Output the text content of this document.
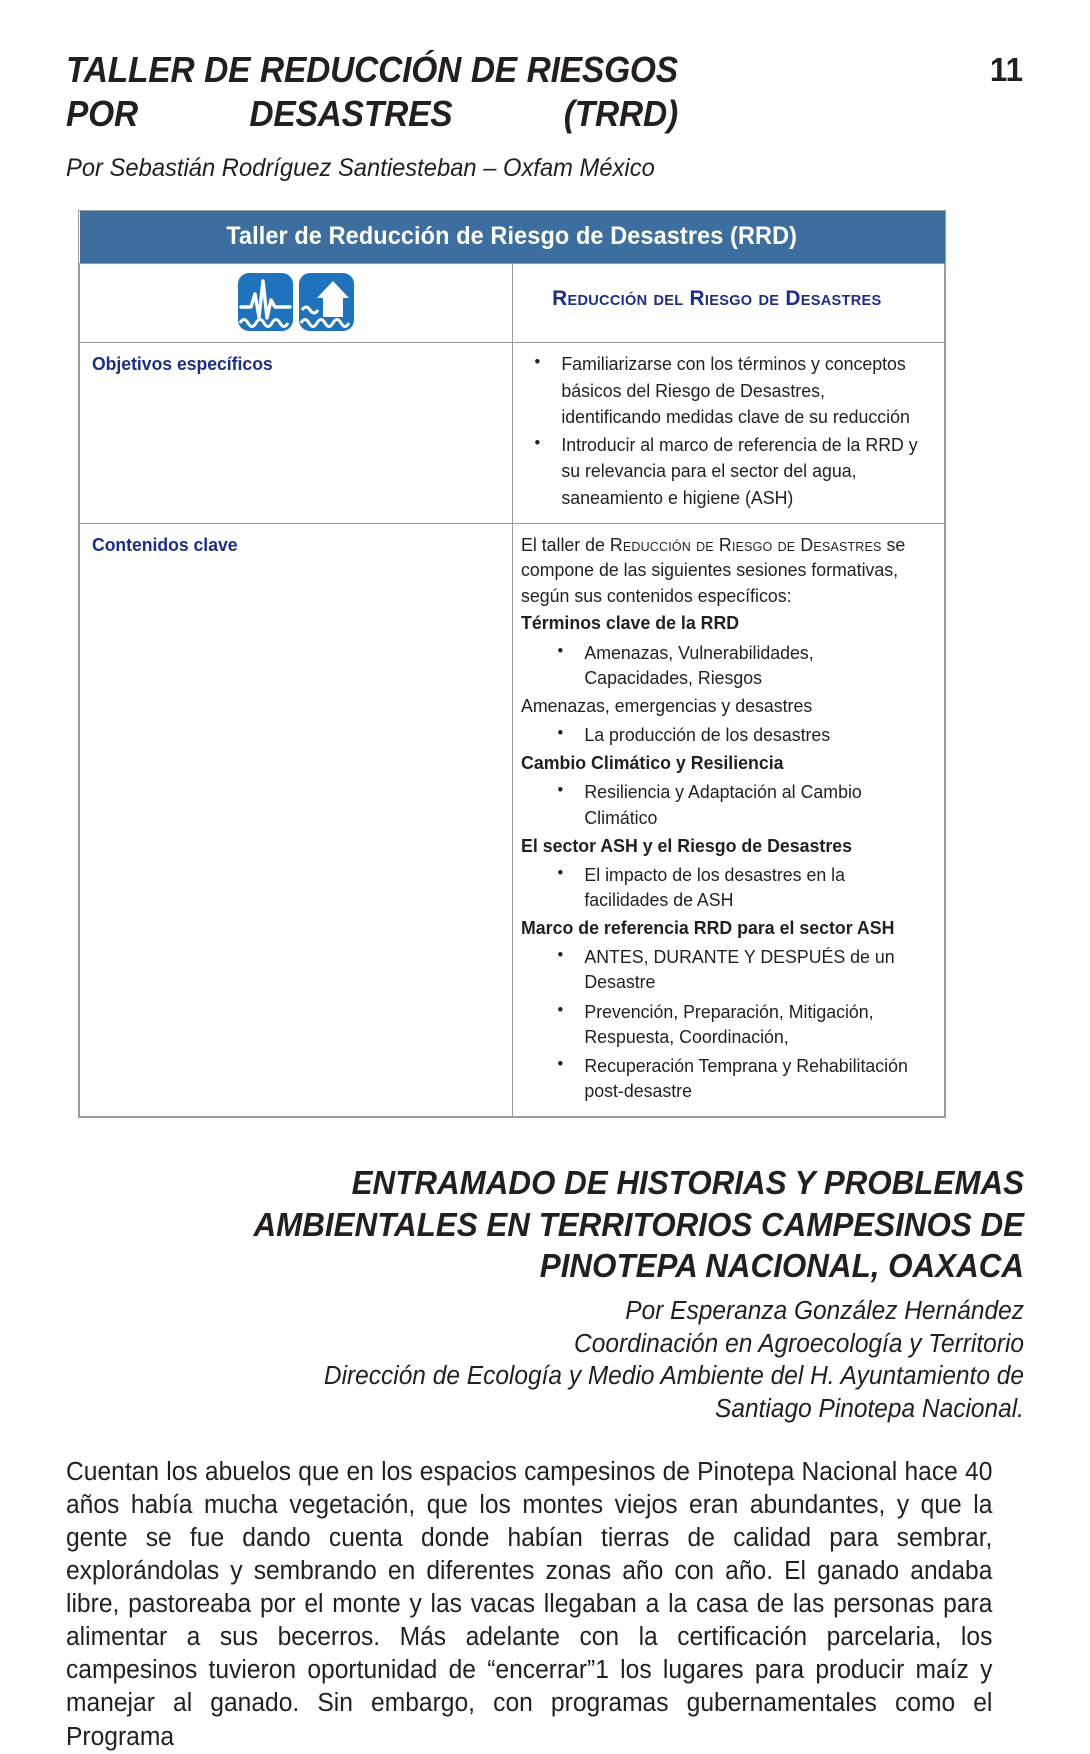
TALLER DE REDUCCIÓN DE RIESGOS POR DESASTRES (TRRD)
11
Por Sebastián Rodríguez Santiesteban – Oxfam México
Taller de Reducción de Riesgo de Desastres (RRD)	

	Reducción del Riesgo de Desastres
Objetivos específicos	
•Familiarizarse con los términos y conceptos básicos del Riesgo de Desastres, identificando medidas clave de su reducción
• Introducir al marco de referencia de la RRD y su relevancia para el sector del agua, saneamiento e higiene (ASH)

Contenidos clave	El taller de Reducción de Riesgo de Desastres se compone de las siguientes sesiones formativas, según sus contenidos específicos:

Términos clave de la RRD
• Amenazas, Vulnerabilidades, Capacidades, Riesgos
Amenazas, emergencias y desastres
• La producción de los desastres
Cambio Climático y Resiliencia
• Resiliencia y Adaptación al Cambio Climático
El sector ASH y el Riesgo de Desastres
• El impacto de los desastres en la facilidades de ASH
Marco de referencia RRD para el sector ASH
• ANTES, DURANTE Y DESPUÉS de un Desastre
• Prevención, Preparación, Mitigación, Respuesta, Coordinación,
• Recuperación Temprana y Rehabilitación post-desastre
ENTRAMADO DE HISTORIAS Y PROBLEMAS
AMBIENTALES EN TERRITORIOS CAMPESINOS DE
PINOTEPA NACIONAL, OAXACA
Por Esperanza González Hernández
Coordinación en Agroecología y Territorio
Dirección de Ecología y Medio Ambiente del H. Ayuntamiento de
Santiago Pinotepa Nacional.

Cuentan los abuelos que en los espacios campesinos de Pinotepa Nacional hace 40 años había mucha vegetación, que los montes viejos eran abundantes, y que la gente se fue dando cuenta donde habían tierras de calidad para sembrar, explorándolas y sembrando en diferentes zonas año con año. El ganado andaba libre, pastoreaba por el monte y las vacas llegaban a la casa de las personas para alimentar a sus becerros. Más adelante con la certificación parcelaria, los campesinos tuvieron oportunidad de “encerrar”1 los lugares para producir maíz y manejar al ganado. Sin embargo, con programas gubernamentales como el Programa
